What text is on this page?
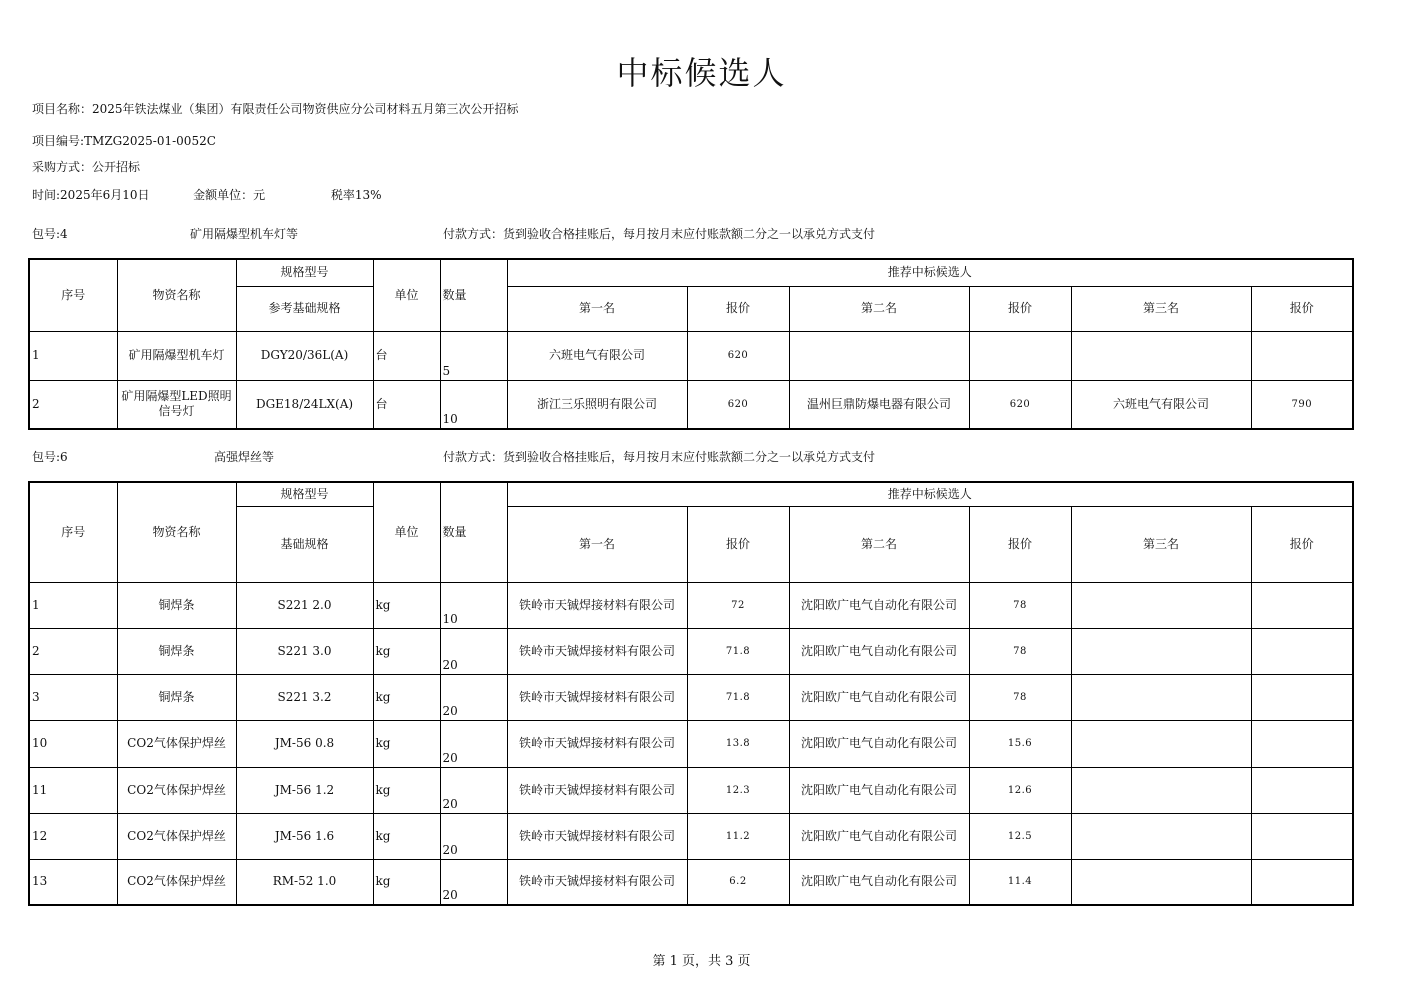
中标候选人
项目名称：2025年铁法煤业（集团）有限责任公司物资供应分公司材料五月第三次公开招标
项目编号:TMZG2025-01-0052C
采购方式：公开招标
时间:2025年6月10日	金额单位：元	税率13%
包号:4	矿用隔爆型机车灯等	付款方式：货到验收合格挂账后，每月按月末应付账款额二分之一以承兑方式支付
序号	物资名称	规格型号	单位	数量	推荐中标候选人					
		参考基础规格			第一名	报价	第二名	报价	第三名	报价
1	矿用隔爆型机车灯	DGY20/36L(A)	台	5	六班电气有限公司	620				
2	矿用隔爆型LED照明信号灯	DGE18/24LX(A)	台	10	浙江三乐照明有限公司	620	温州巨鼎防爆电器有限公司	620	六班电气有限公司	790
包号:6	高强焊丝等	付款方式：货到验收合格挂账后，每月按月末应付账款额二分之一以承兑方式支付
序号	物资名称	规格型号	单位	数量	推荐中标候选人					
		基础规格			第一名	报价	第二名	报价	第三名	报价
1	铜焊条	S221 2.0	kg	10	铁岭市天铖焊接材料有限公司	72	沈阳欧广电气自动化有限公司	78		
2	铜焊条	S221 3.0	kg	20	铁岭市天铖焊接材料有限公司	71.8	沈阳欧广电气自动化有限公司	78		
3	铜焊条	S221 3.2	kg	20	铁岭市天铖焊接材料有限公司	71.8	沈阳欧广电气自动化有限公司	78		
10	CO2气体保护焊丝	JM-56 0.8	kg	20	铁岭市天铖焊接材料有限公司	13.8	沈阳欧广电气自动化有限公司	15.6		
11	CO2气体保护焊丝	JM-56 1.2	kg	20	铁岭市天铖焊接材料有限公司	12.3	沈阳欧广电气自动化有限公司	12.6		
12	CO2气体保护焊丝	JM-56 1.6	kg	20	铁岭市天铖焊接材料有限公司	11.2	沈阳欧广电气自动化有限公司	12.5		
13	CO2气体保护焊丝	RM-52 1.0	kg	20	铁岭市天铖焊接材料有限公司	6.2	沈阳欧广电气自动化有限公司	11.4		
第 1 页，共 3 页
